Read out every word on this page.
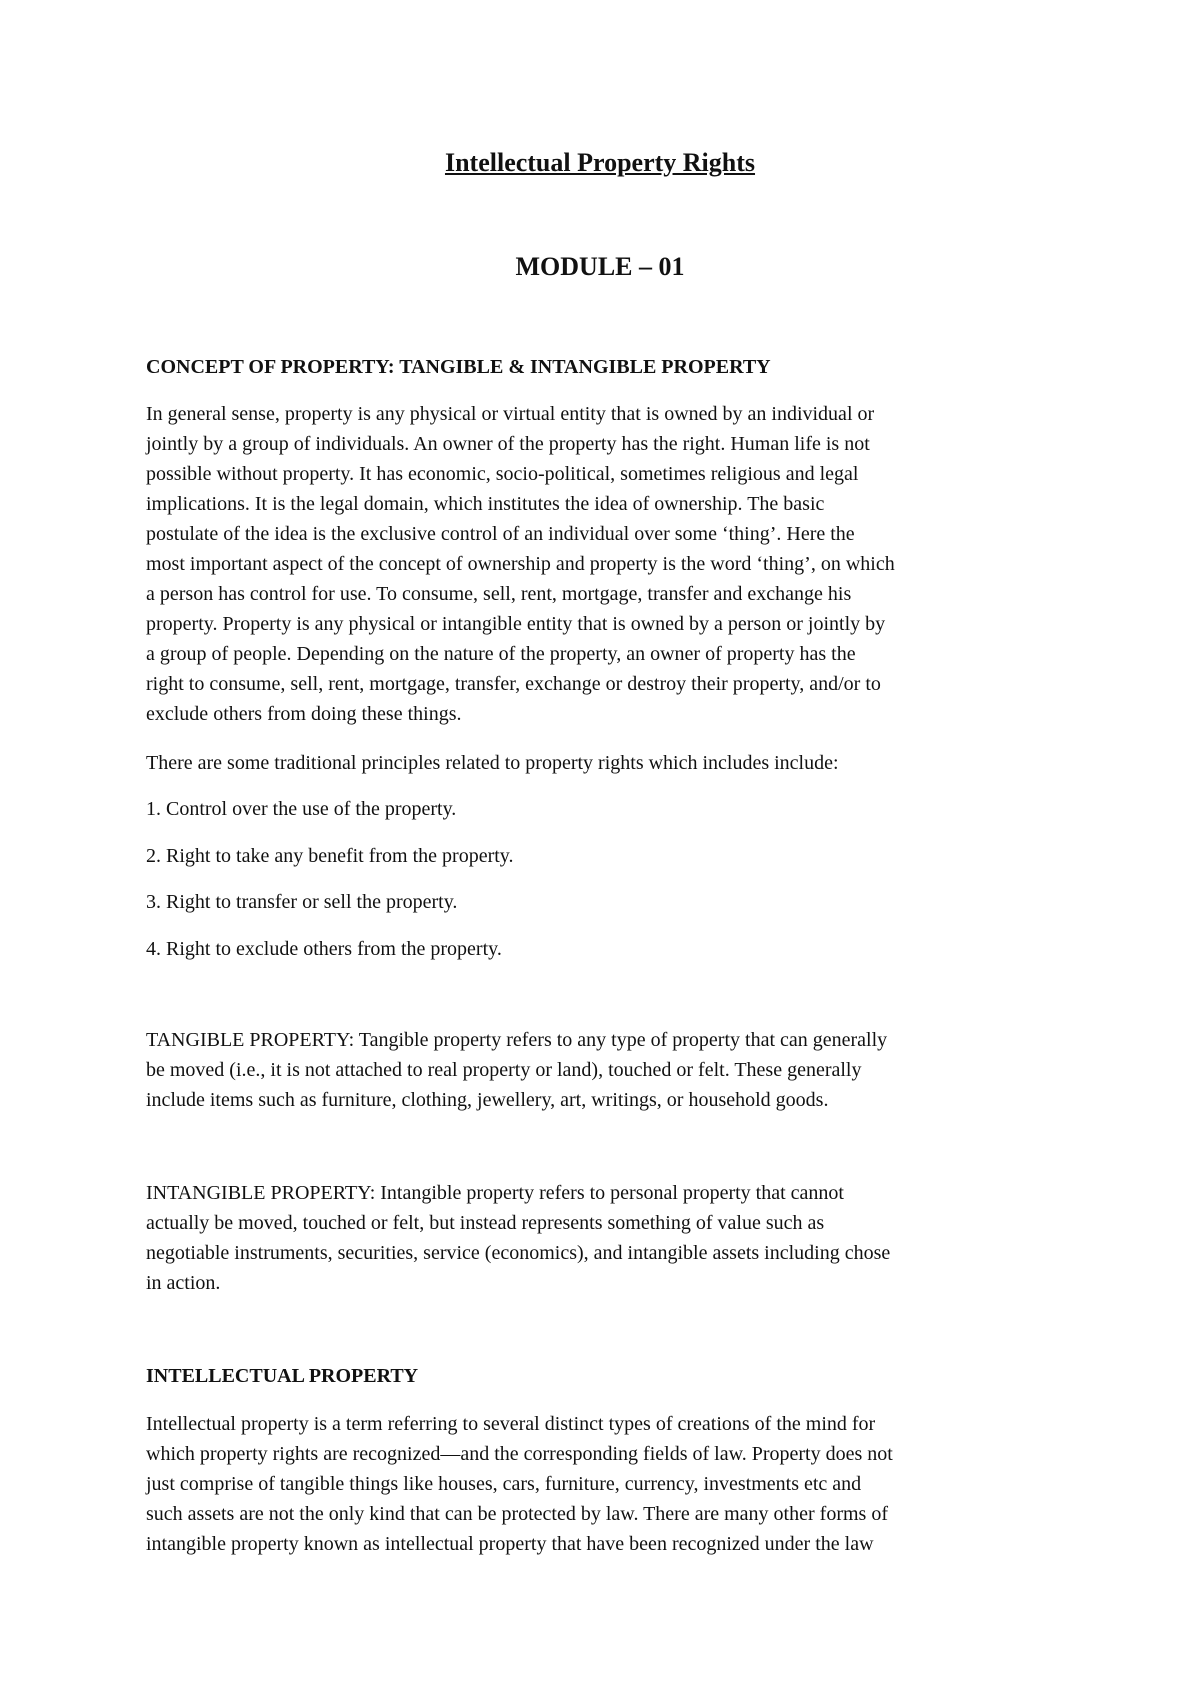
Intellectual Property Rights
MODULE – 01
CONCEPT OF PROPERTY: TANGIBLE & INTANGIBLE PROPERTY

In general sense, property is any physical or virtual entity that is owned by an individual or
jointly by a group of individuals. An owner of the property has the right. Human life is not
possible without property. It has economic, socio-political, sometimes religious and legal
implications. It is the legal domain, which institutes the idea of ownership. The basic
postulate of the idea is the exclusive control of an individual over some ‘thing’. Here the
most important aspect of the concept of ownership and property is the word ‘thing’, on which
a person has control for use. To consume, sell, rent, mortgage, transfer and exchange his
property. Property is any physical or intangible entity that is owned by a person or jointly by
a group of people. Depending on the nature of the property, an owner of property has the
right to consume, sell, rent, mortgage, transfer, exchange or destroy their property, and/or to
exclude others from doing these things.

There are some traditional principles related to property rights which includes include:

1. Control over the use of the property.

2. Right to take any benefit from the property.

3. Right to transfer or sell the property.

4. Right to exclude others from the property.

TANGIBLE PROPERTY: Tangible property refers to any type of property that can generally
be moved (i.e., it is not attached to real property or land), touched or felt. These generally
include items such as furniture, clothing, jewellery, art, writings, or household goods.

INTANGIBLE PROPERTY: Intangible property refers to personal property that cannot
actually be moved, touched or felt, but instead represents something of value such as
negotiable instruments, securities, service (economics), and intangible assets including chose
in action.

INTELLECTUAL PROPERTY

Intellectual property is a term referring to several distinct types of creations of the mind for
which property rights are recognized—and the corresponding fields of law. Property does not
just comprise of tangible things like houses, cars, furniture, currency, investments etc and
such assets are not the only kind that can be protected by law. There are many other forms of
intangible property known as intellectual property that have been recognized under the law
